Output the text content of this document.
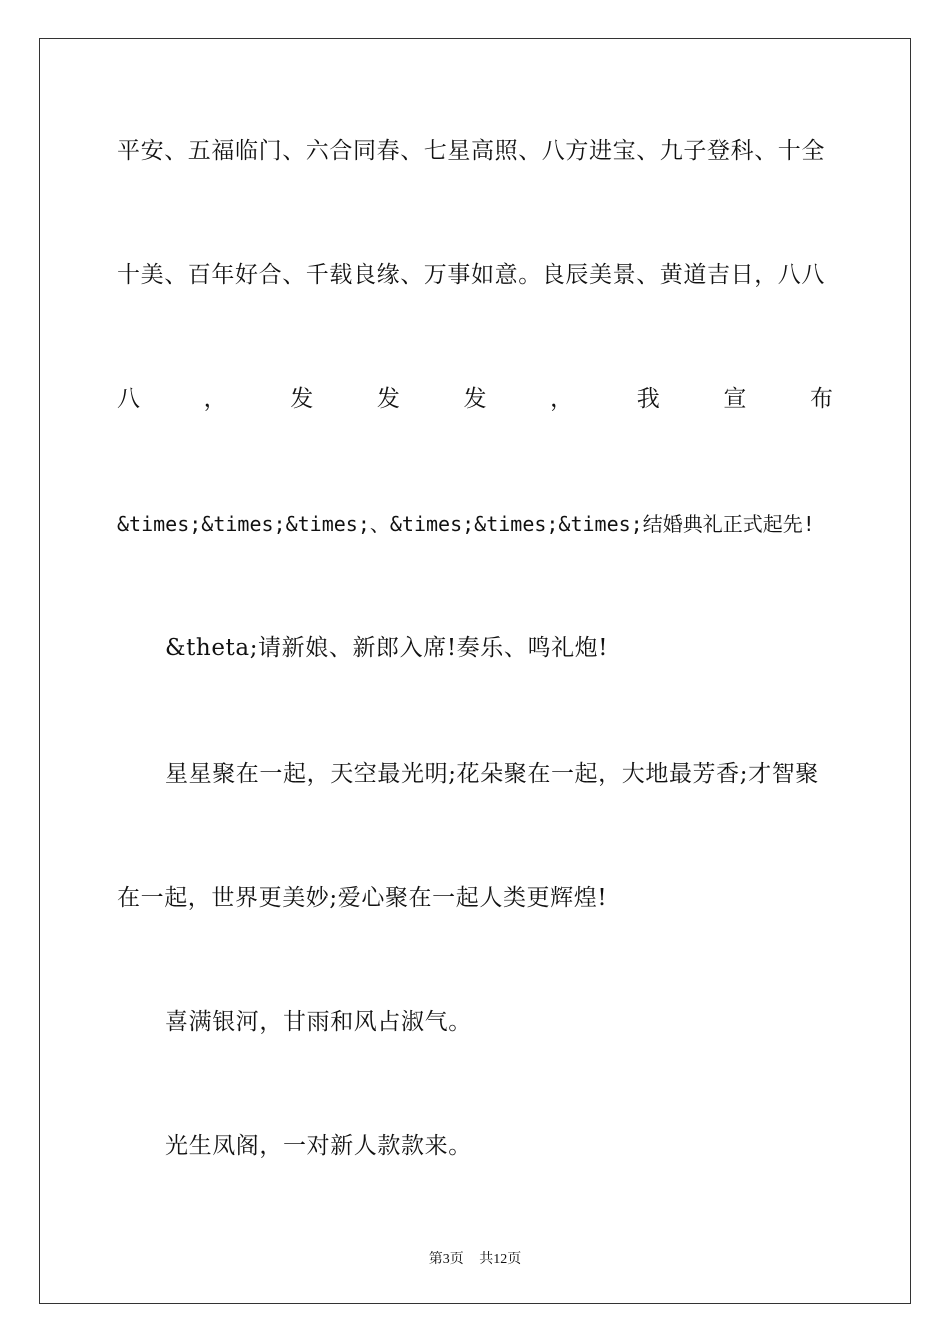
平安、五福临门、六合同春、七星高照、八方进宝、九子登科、十全
十美、百年好合、千载良缘、万事如意。良辰美景、黄道吉日，八八
八	，	发	发	发	，	我	宣	布
&times;&times;&times;、&times;&times;&times;结婚典礼正式起先!
&theta;请新娘、新郎入席!奏乐、鸣礼炮!
星星聚在一起，天空最光明;花朵聚在一起，大地最芳香;才智聚
在一起，世界更美妙;爱心聚在一起人类更辉煌!
喜满银河，甘雨和风占淑气。
光生凤阁，一对新人款款来。
第3页 共12页
